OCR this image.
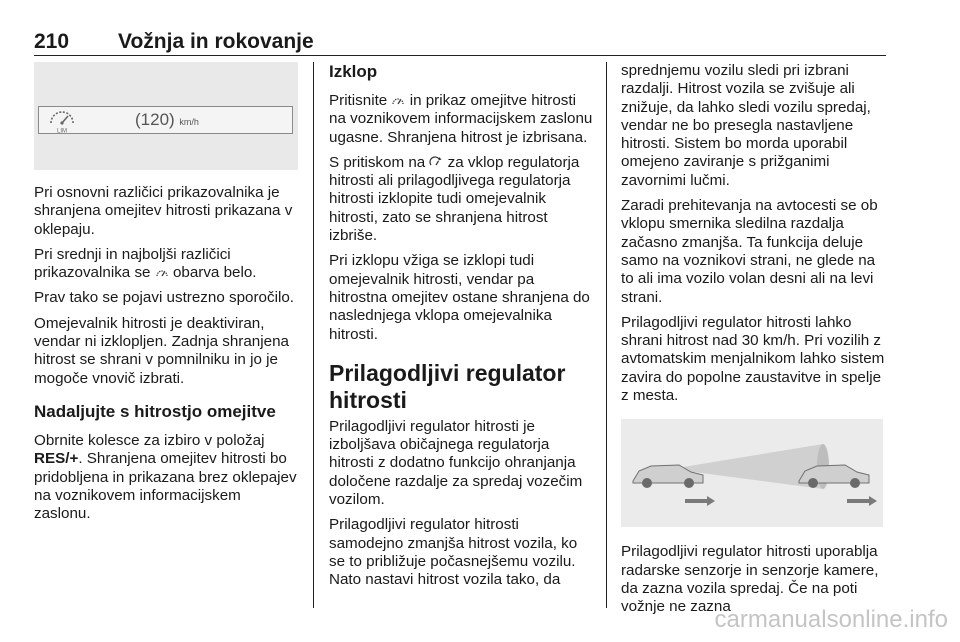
210 Vožnja in rokovanje
LIM
(120) km/h

Pri osnovni različici prikazovalnika je shranjena omejitev hitrosti prikazana v oklepaju.

Pri srednji in najboljši različici prikazovalnika se  obarva belo.

Prav tako se pojavi ustrezno sporočilo.

Omejevalnik hitrosti je deaktiviran, vendar ni izklopljen. Zadnja shranjena hitrost se shrani v pomnilniku in jo je mogoče vnovič izbrati.

Nadaljujte s hitrostjo omejitve

Obrnite kolesce za izbiro v položaj RES/+. Shranjena omejitev hitrosti bo pridobljena in prikazana brez oklepajev na voznikovem informacijskem zaslonu.

Izklop

Pritisnite  in prikaz omejitve hitrosti na voznikovem informacijskem zaslonu ugasne. Shranjena hitrost je izbrisana.

S pritiskom na  za vklop regulatorja hitrosti ali prilagodljivega regulatorja hitrosti izklopite tudi omejevalnik hitrosti, zato se shranjena hitrost izbriše.

Pri izklopu vžiga se izklopi tudi omejevalnik hitrosti, vendar pa hitrostna omejitev ostane shranjena do naslednjega vklopa omejevalnika hitrosti.

Prilagodljivi regulator hitrosti

Prilagodljivi regulator hitrosti je izboljšava običajnega regulatorja hitrosti z dodatno funkcijo ohranjanja določene razdalje za spredaj vozečim vozilom.

Prilagodljivi regulator hitrosti samodejno zmanjša hitrost vozila, ko se to približuje počasnejšemu vozilu. Nato nastavi hitrost vozila tako, da

sprednjemu vozilu sledi pri izbrani razdalji. Hitrost vozila se zvišuje ali znižuje, da lahko sledi vozilu spredaj, vendar ne bo presegla nastavljene hitrosti. Sistem bo morda uporabil omejeno zaviranje s prižganimi zavornimi lučmi.

Zaradi prehitevanja na avtocesti se ob vklopu smernika sledilna razdalja začasno zmanjša. Ta funkcija deluje samo na voznikovi strani, ne glede na to ali ima vozilo volan desni ali na levi strani.

Prilagodljivi regulator hitrosti lahko shrani hitrost nad 30 km/h. Pri vozilih z avtomatskim menjalnikom lahko sistem zavira do popolne zaustavitve in spelje z mesta.

Prilagodljivi regulator hitrosti uporablja radarske senzorje in senzorje kamere, da zazna vozila spredaj. Če na poti vožnje ne zazna

carmanualsonline.info
